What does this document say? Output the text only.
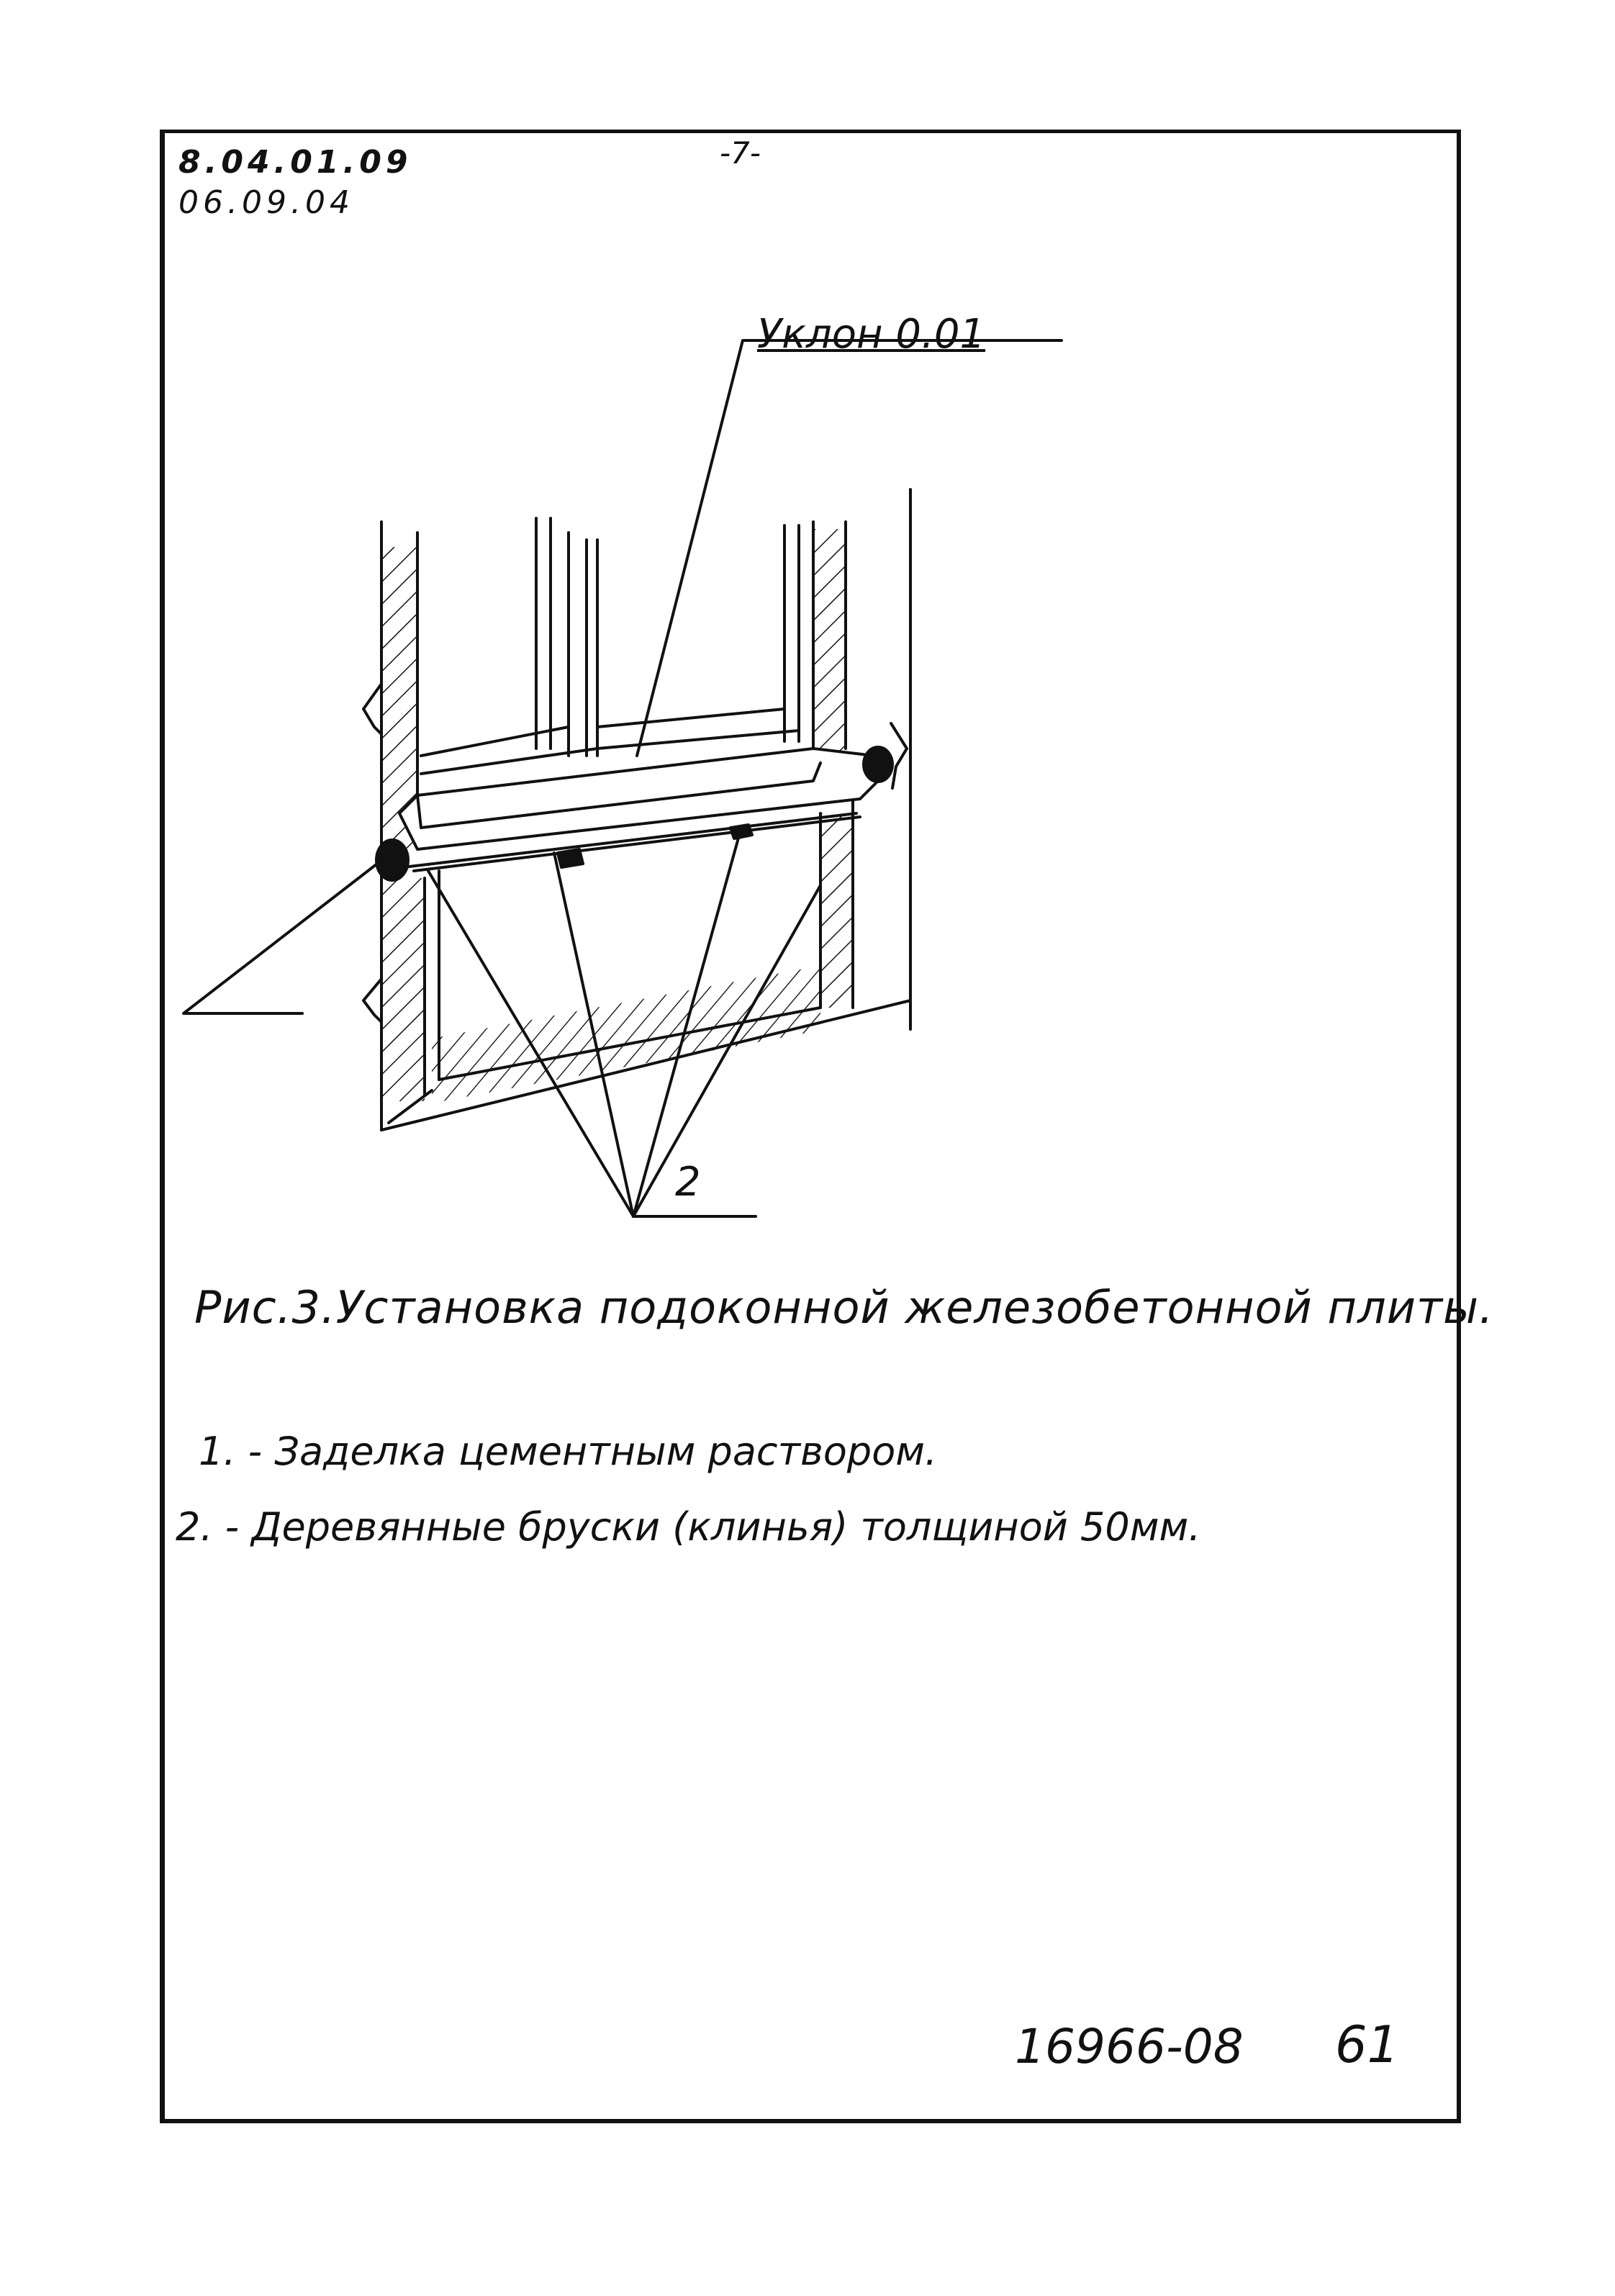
8.04.01.09
06.09.04
-7-
Уклон 0.01
2
Рис.3.Установка подоконной железобетонной плиты.
1. - Заделка цементным раствором.
2. - Деревянные бруски (клинья) толщиной 50мм.
16966-08 61
